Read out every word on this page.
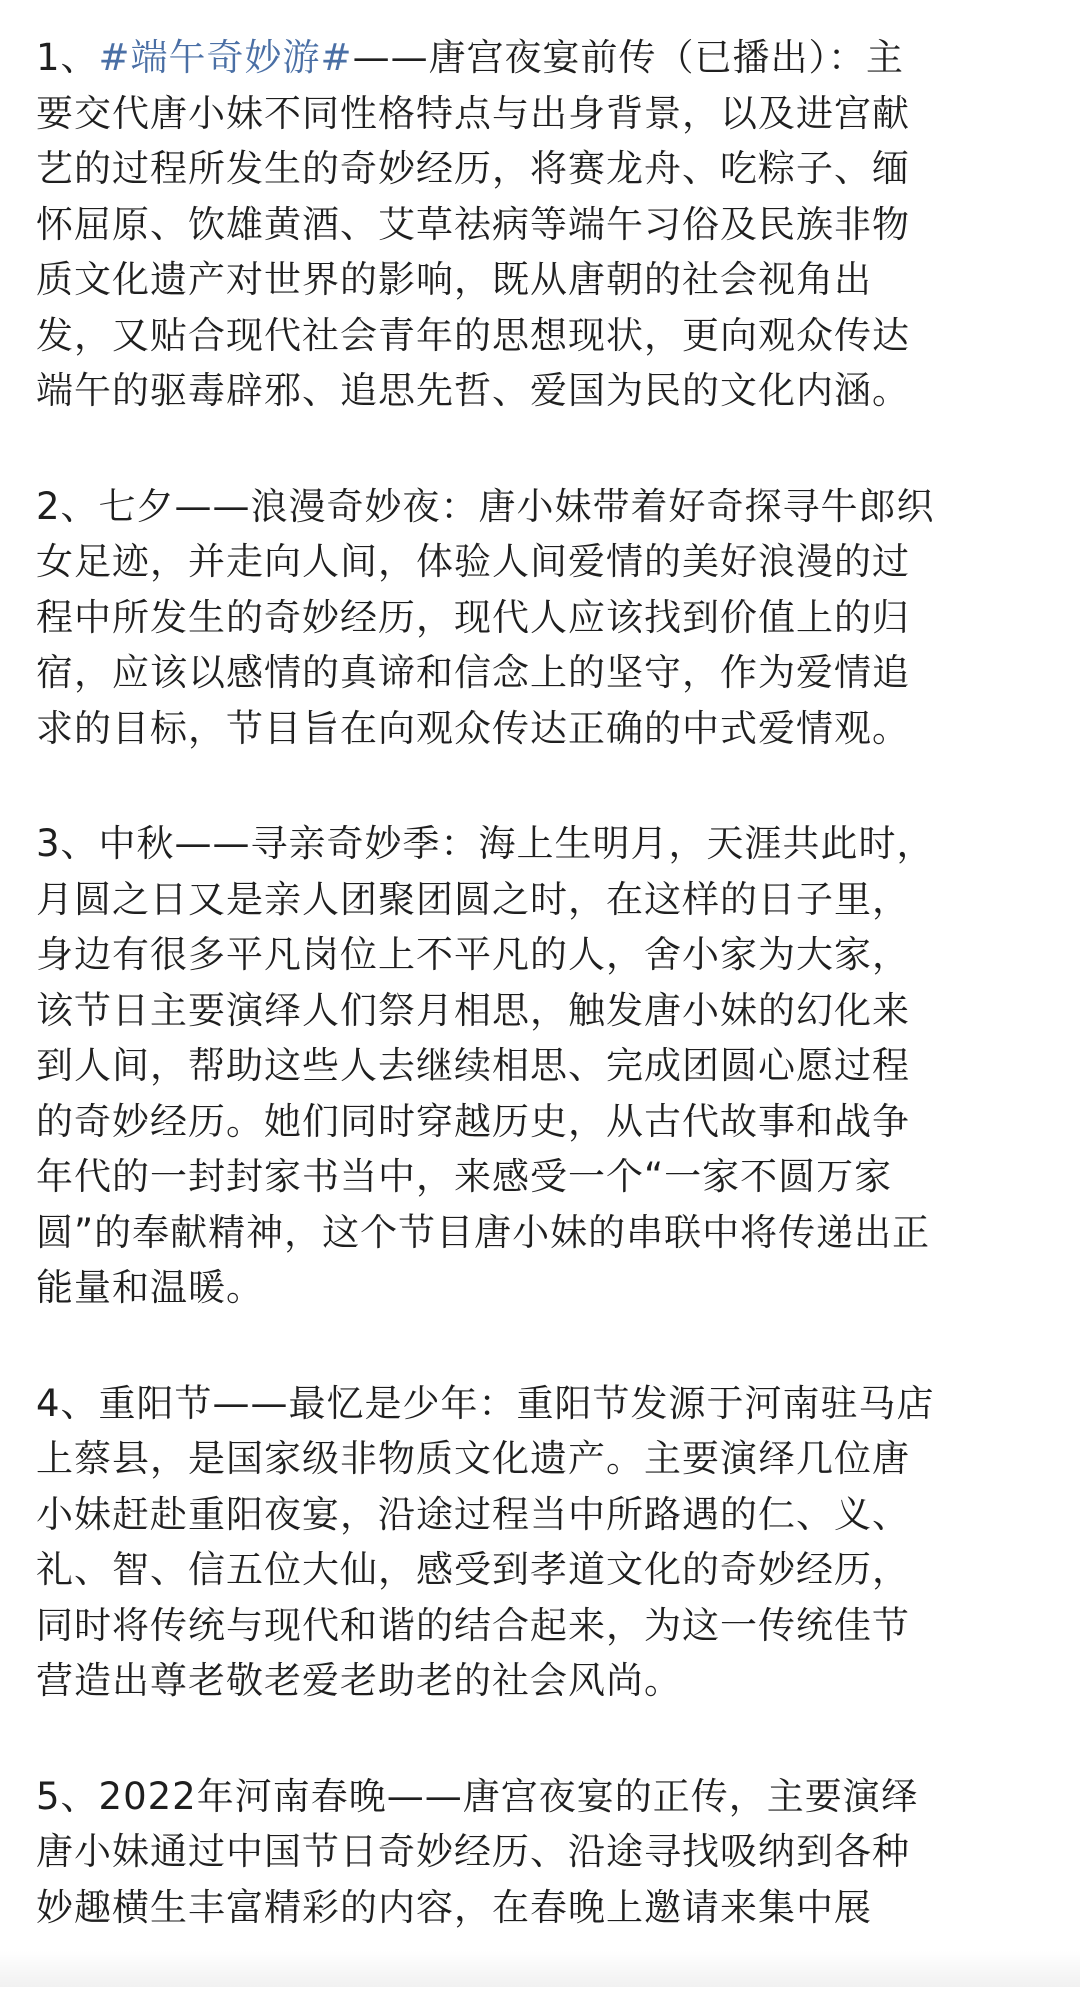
1、#端午奇妙游#——唐宫夜宴前传（已播出）：主
要交代唐小妹不同性格特点与出身背景，以及进宫献
艺的过程所发生的奇妙经历，将赛龙舟、吃粽子、缅
怀屈原、饮雄黄酒、艾草祛病等端午习俗及民族非物
质文化遗产对世界的影响，既从唐朝的社会视角出
发，又贴合现代社会青年的思想现状，更向观众传达
端午的驱毒辟邪、追思先哲、爱国为民的文化内涵。
2、七夕——浪漫奇妙夜：唐小妹带着好奇探寻牛郎织
女足迹，并走向人间，体验人间爱情的美好浪漫的过
程中所发生的奇妙经历，现代人应该找到价值上的归
宿，应该以感情的真谛和信念上的坚守，作为爱情追
求的目标，节目旨在向观众传达正确的中式爱情观。
3、中秋——寻亲奇妙季：海上生明月，天涯共此时，
月圆之日又是亲人团聚团圆之时，在这样的日子里，
身边有很多平凡岗位上不平凡的人，舍小家为大家，
该节日主要演绎人们祭月相思，触发唐小妹的幻化来
到人间，帮助这些人去继续相思、完成团圆心愿过程
的奇妙经历。她们同时穿越历史，从古代故事和战争
年代的一封封家书当中，来感受一个“一家不圆万家
圆”的奉献精神，这个节目唐小妹的串联中将传递出正
能量和温暖。
4、重阳节——最忆是少年：重阳节发源于河南驻马店
上蔡县，是国家级非物质文化遗产。主要演绎几位唐
小妹赶赴重阳夜宴，沿途过程当中所路遇的仁、义、
礼、智、信五位大仙，感受到孝道文化的奇妙经历，
同时将传统与现代和谐的结合起来，为这一传统佳节
营造出尊老敬老爱老助老的社会风尚。
5、2022年河南春晚——唐宫夜宴的正传，主要演绎
唐小妹通过中国节日奇妙经历、沿途寻找吸纳到各种
妙趣横生丰富精彩的内容，在春晚上邀请来集中展
